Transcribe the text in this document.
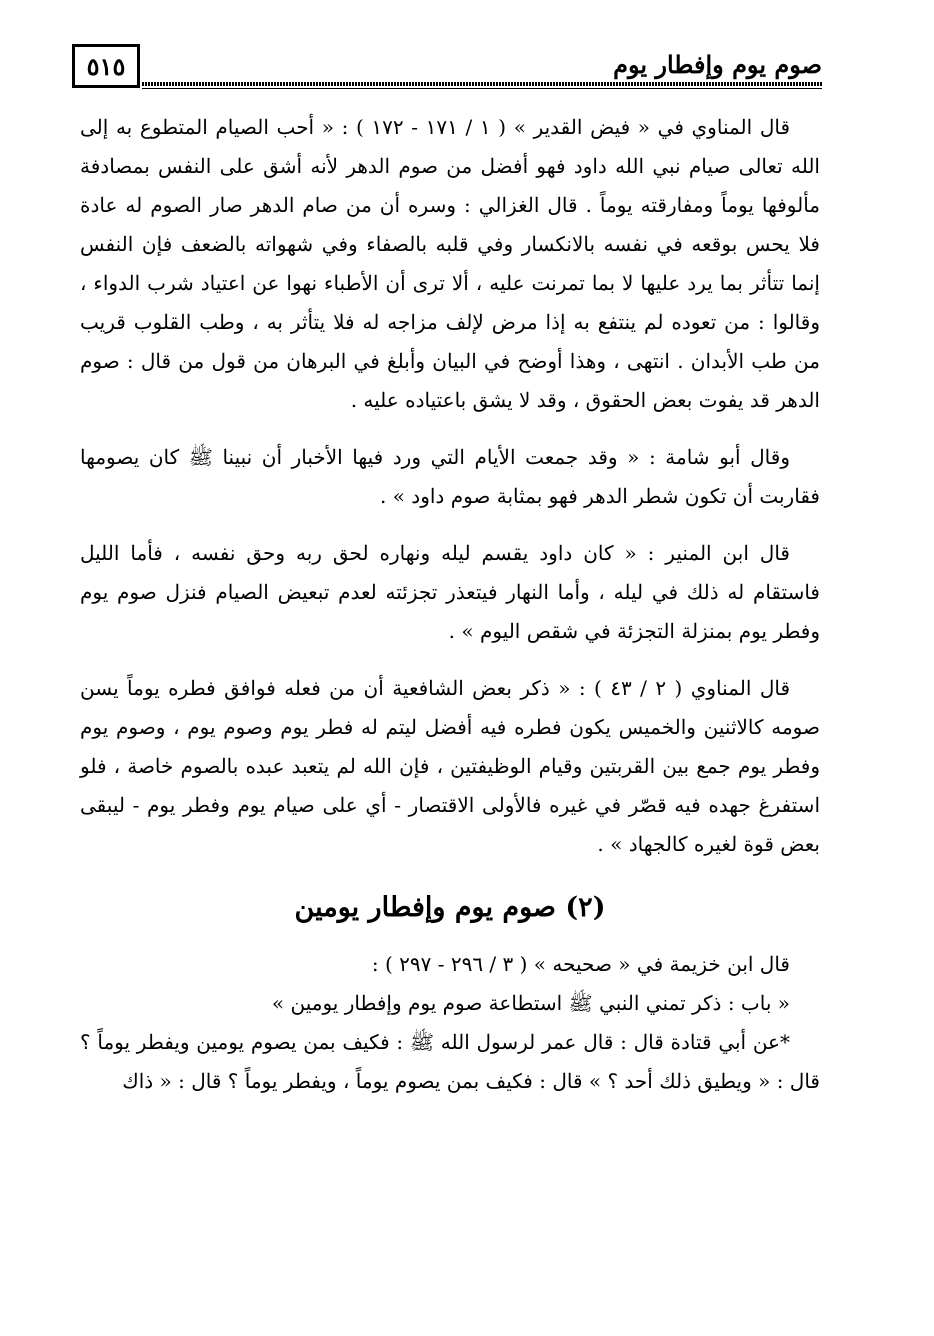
٥١٥	صوم يوم وإفطار يوم

قال المناوي في « فيض القدير » ( ١ / ١٧١ - ١٧٢ ) : « أحب الصيام المتطوع به إلى الله تعالى صيام نبي الله داود فهو أفضل من صوم الدهر لأنه أشق على النفس بمصادفة مألوفها يوماً ومفارقته يوماً . قال الغزالي : وسره أن من صام الدهر صار الصوم له عادة فلا يحس بوقعه في نفسه بالانكسار وفي قلبه بالصفاء وفي شهواته بالضعف فإن النفس إنما تتأثر بما يرد عليها لا بما تمرنت عليه ، ألا ترى أن الأطباء نهوا عن اعتياد شرب الدواء ، وقالوا : من تعوده لم ينتفع به إذا مرض لإلف مزاجه له فلا يتأثر به ، وطب القلوب قريب من طب الأبدان . انتهى ، وهذا أوضح في البيان وأبلغ في البرهان من قول من قال : صوم الدهر قد يفوت بعض الحقوق ، وقد لا يشق باعتياده عليه .

وقال أبو شامة : « وقد جمعت الأيام التي ورد فيها الأخبار أن نبينا ﷺ كان يصومها فقاربت أن تكون شطر الدهر فهو بمثابة صوم داود » .

قال ابن المنير : « كان داود يقسم ليله ونهاره لحق ربه وحق نفسه ، فأما الليل فاستقام له ذلك في ليله ، وأما النهار فيتعذر تجزئته لعدم تبعيض الصيام فنزل صوم يوم وفطر يوم بمنزلة التجزئة في شقص اليوم » .

قال المناوي ( ٢ / ٤٣ ) : « ذكر بعض الشافعية أن من فعله فوافق فطره يوماً يسن صومه كالاثنين والخميس يكون فطره فيه أفضل ليتم له فطر يوم وصوم يوم ، وصوم يوم وفطر يوم جمع بين القربتين وقيام الوظيفتين ، فإن الله لم يتعبد عبده بالصوم خاصة ، فلو استفرغ جهده فيه قصّر في غيره فالأولى الاقتصار - أي على صيام يوم وفطر يوم - ليبقى بعض قوة لغيره كالجهاد » .

(٢) صوم يوم وإفطار يومين

قال ابن خزيمة في « صحيحه » ( ٣ / ٢٩٦ - ٢٩٧ ) :

« باب : ذكر تمني النبي ﷺ استطاعة صوم يوم وإفطار يومين »

*عن أبي قتادة قال : قال عمر لرسول الله ﷺ : فكيف بمن يصوم يومين ويفطر يوماً ؟ قال : « ويطيق ذلك أحد ؟ » قال : فكيف بمن يصوم يوماً ، ويفطر يوماً ؟ قال : « ذاك
